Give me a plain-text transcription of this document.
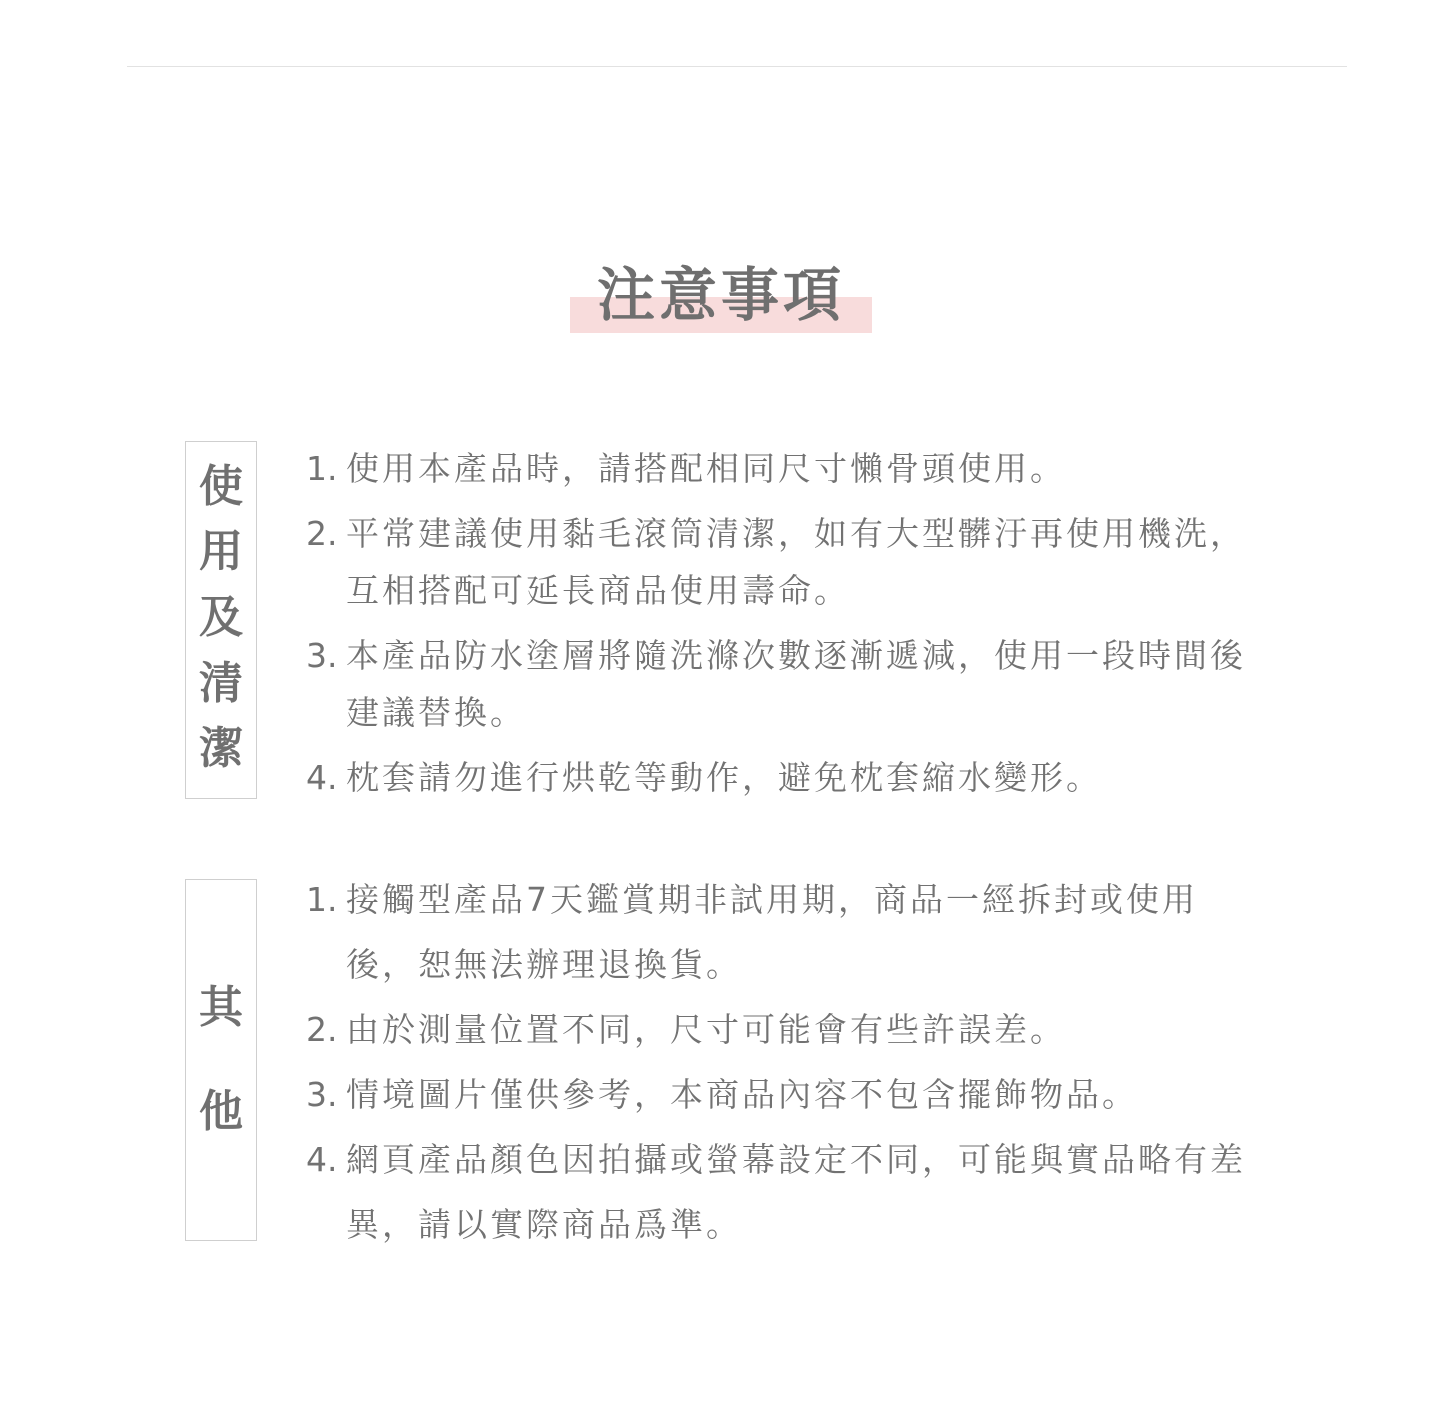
注意事項
使
用
及
清
潔
1. 使用本產品時，請搭配相同尺寸懶骨頭使用。
2. 平常建議使用黏毛滾筒清潔，如有大型髒汙再使用機洗，互相搭配可延長商品使用壽命。
3. 本產品防水塗層將隨洗滌次數逐漸遞減，使用一段時間後建議替換。
4. 枕套請勿進行烘乾等動作，避免枕套縮水變形。
其
他
1. 接觸型產品7天鑑賞期非試用期，商品一經拆封或使用後，恕無法辦理退換貨。
2. 由於測量位置不同，尺寸可能會有些許誤差。
3. 情境圖片僅供參考，本商品內容不包含擺飾物品。
4. 網頁產品顏色因拍攝或螢幕設定不同，可能與實品略有差異，請以實際商品爲準。
